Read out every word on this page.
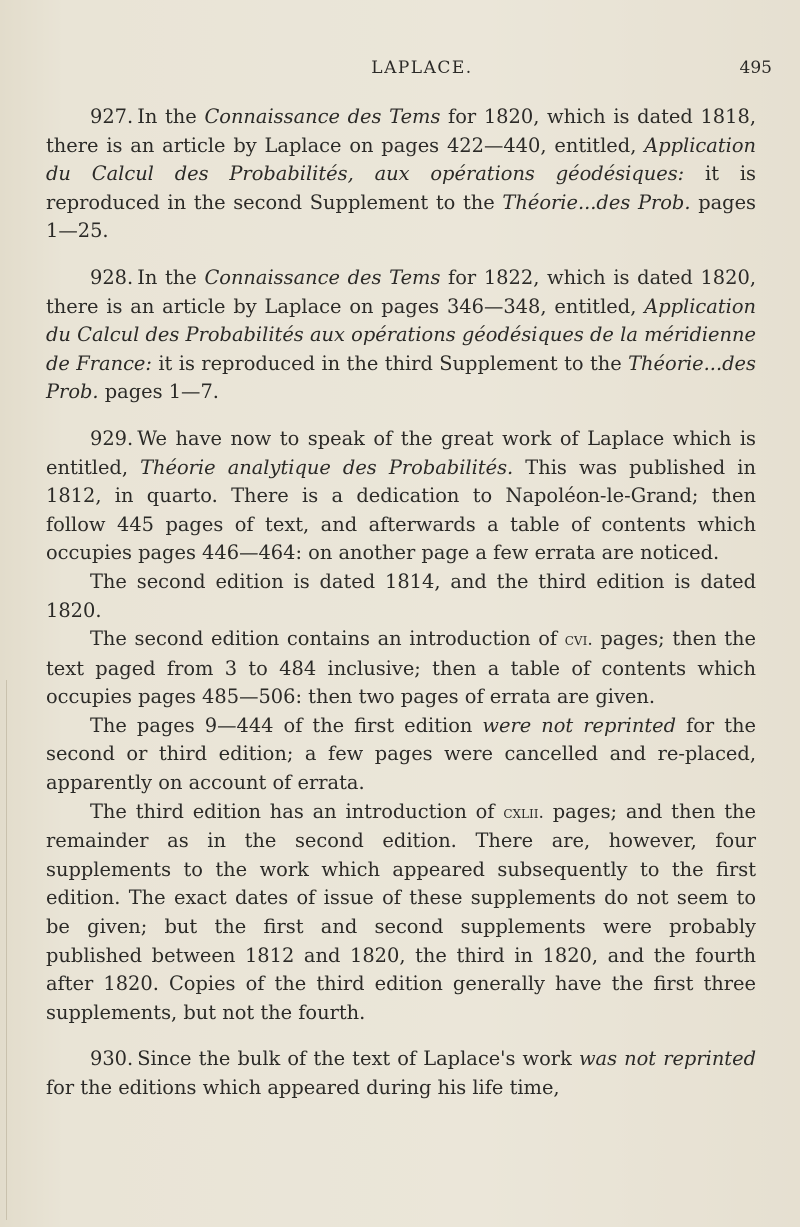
LAPLACE.	495

927. In the Connaissance des Tems for 1820, which is dated 1818, there is an article by Laplace on pages 422—440, entitled, Application du Calcul des Probabilités, aux opérations géodésiques: it is reproduced in the second Supplement to the Théorie...des Prob. pages 1—25.

928. In the Connaissance des Tems for 1822, which is dated 1820, there is an article by Laplace on pages 346—348, entitled, Application du Calcul des Probabilités aux opérations géodésiques de la méridienne de France: it is reproduced in the third Supplement to the Théorie...des Prob. pages 1—7.

929. We have now to speak of the great work of Laplace which is entitled, Théorie analytique des Probabilités. This was published in 1812, in quarto. There is a dedication to Napoléon-le-Grand; then follow 445 pages of text, and afterwards a table of contents which occupies pages 446—464: on another page a few errata are noticed.

The second edition is dated 1814, and the third edition is dated 1820.

The second edition contains an introduction of cvi. pages; then the text paged from 3 to 484 inclusive; then a table of contents which occupies pages 485—506: then two pages of errata are given.

The pages 9—444 of the first edition were not reprinted for the second or third edition; a few pages were cancelled and re-placed, apparently on account of errata.

The third edition has an introduction of cxlii. pages; and then the remainder as in the second edition. There are, however, four supplements to the work which appeared subsequently to the first edition. The exact dates of issue of these supplements do not seem to be given; but the first and second supplements were probably published between 1812 and 1820, the third in 1820, and the fourth after 1820. Copies of the third edition generally have the first three supplements, but not the fourth.

930. Since the bulk of the text of Laplace's work was not reprinted for the editions which appeared during his life time,
